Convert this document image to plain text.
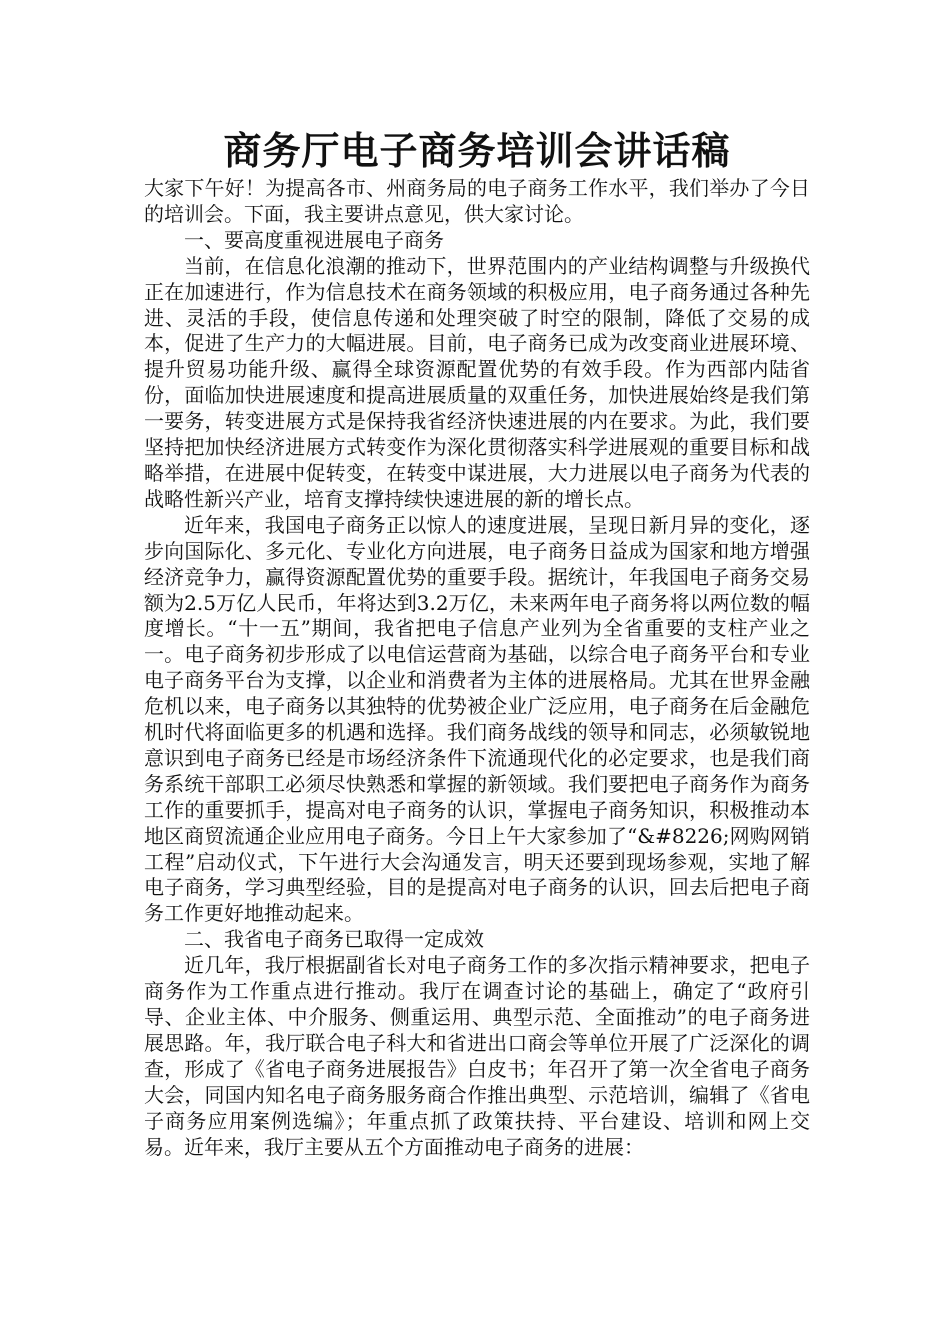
商务厅电子商务培训会讲话稿

大家下午好！为提高各市、州商务局的电子商务工作水平，我们举办了今日的培训会。下面，我主要讲点意见，供大家讨论。

一、要高度重视进展电子商务

当前，在信息化浪潮的推动下，世界范围内的产业结构调整与升级换代正在加速进行，作为信息技术在商务领域的积极应用，电子商务通过各种先进、灵活的手段，使信息传递和处理突破了时空的限制，降低了交易的成本，促进了生产力的大幅进展。目前，电子商务已成为改变商业进展环境、提升贸易功能升级、赢得全球资源配置优势的有效手段。作为西部内陆省份，面临加快进展速度和提高进展质量的双重任务，加快进展始终是我们第一要务，转变进展方式是保持我省经济快速进展的内在要求。为此，我们要坚持把加快经济进展方式转变作为深化贯彻落实科学进展观的重要目标和战略举措，在进展中促转变，在转变中谋进展，大力进展以电子商务为代表的战略性新兴产业，培育支撑持续快速进展的新的增长点。

近年来，我国电子商务正以惊人的速度进展，呈现日新月异的变化，逐步向国际化、多元化、专业化方向进展，电子商务日益成为国家和地方增强经济竞争力，赢得资源配置优势的重要手段。据统计，年我国电子商务交易额为2.5万亿人民币，年将达到3.2万亿，未来两年电子商务将以两位数的幅度增长。“十一五”期间，我省把电子信息产业列为全省重要的支柱产业之一。电子商务初步形成了以电信运营商为基础，以综合电子商务平台和专业电子商务平台为支撑，以企业和消费者为主体的进展格局。尤其在世界金融危机以来，电子商务以其独特的优势被企业广泛应用，电子商务在后金融危机时代将面临更多的机遇和选择。我们商务战线的领导和同志，必须敏锐地意识到电子商务已经是市场经济条件下流通现代化的必定要求，也是我们商务系统干部职工必须尽快熟悉和掌握的新领域。我们要把电子商务作为商务工作的重要抓手，提高对电子商务的认识，掌握电子商务知识，积极推动本地区商贸流通企业应用电子商务。今日上午大家参加了“&#8226;网购网销工程”启动仪式，下午进行大会沟通发言，明天还要到现场参观，实地了解电子商务，学习典型经验，目的是提高对电子商务的认识，回去后把电子商务工作更好地推动起来。

二、我省电子商务已取得一定成效

近几年，我厅根据副省长对电子商务工作的多次指示精神要求，把电子商务作为工作重点进行推动。我厅在调查讨论的基础上，确定了“政府引导、企业主体、中介服务、侧重运用、典型示范、全面推动”的电子商务进展思路。年，我厅联合电子科大和省进出口商会等单位开展了广泛深化的调查，形成了《省电子商务进展报告》白皮书；年召开了第一次全省电子商务大会，同国内知名电子商务服务商合作推出典型、示范培训，编辑了《省电子商务应用案例选编》；年重点抓了政策扶持、平台建设、培训和网上交易。近年来，我厅主要从五个方面推动电子商务的进展：
